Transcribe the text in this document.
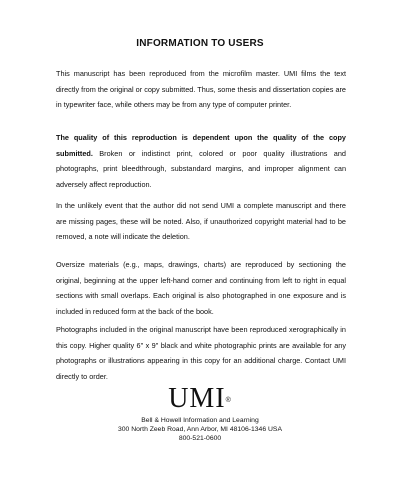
INFORMATION TO USERS

This manuscript has been reproduced from the microfilm master. UMI films the text directly from the original or copy submitted. Thus, some thesis and dissertation copies are in typewriter face, while others may be from any type of computer printer.

The quality of this reproduction is dependent upon the quality of the copy submitted. Broken or indistinct print, colored or poor quality illustrations and photographs, print bleedthrough, substandard margins, and improper alignment can adversely affect reproduction.

In the unlikely event that the author did not send UMI a complete manuscript and there are missing pages, these will be noted. Also, if unauthorized copyright material had to be removed, a note will indicate the deletion.

Oversize materials (e.g., maps, drawings, charts) are reproduced by sectioning the original, beginning at the upper left-hand corner and continuing from left to right in equal sections with small overlaps. Each original is also photographed in one exposure and is included in reduced form at the back of the book.

Photographs included in the original manuscript have been reproduced xerographically in this copy. Higher quality 6" x 9" black and white photographic prints are available for any photographs or illustrations appearing in this copy for an additional charge. Contact UMI directly to order.

UMI®
Bell & Howell Information and Learning
300 North Zeeb Road, Ann Arbor, MI 48106-1346 USA
800-521-0600
